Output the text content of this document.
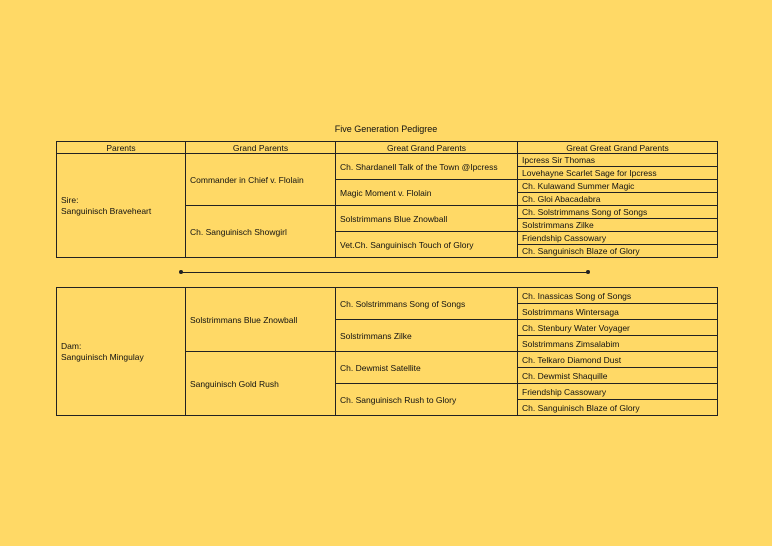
Five Generation Pedigree
Parents	Grand Parents	Great Grand Parents	Great Great Grand Parents

Sire:
Sanguinisch Braveheart	Commander in Chief v. Flolain	Ch. Shardanell Talk of the Town @Ipcress	Ipcress Sir Thomas
			Lovehayne Scarlet Sage for Ipcress
		Magic Moment v. Flolain	Ch. Kulawand Summer Magic
			Ch. Gloi Abacadabra
	Ch. Sanguinisch Showgirl	Solstrimmans Blue Znowball	Ch. Solstrimmans Song of Songs
			Solstrimmans Zilke
		Vet.Ch. Sanguinisch Touch of Glory	Friendship Cassowary
			Ch. Sanguinisch Blaze of Glory
Dam:
Sanguinisch Mingulay	Solstrimmans Blue Znowball	Ch. Solstrimmans Song of Songs	Ch. Inassicas Song of Songs
			Solstrimmans Wintersaga
		Solstrimmans Zilke	Ch. Stenbury Water Voyager
			Solstrimmans Zimsalabim
	Sanguinisch Gold Rush	Ch. Dewmist Satellite	Ch. Telkaro Diamond Dust
			Ch. Dewmist Shaquille
		Ch. Sanguinisch Rush to Glory	Friendship Cassowary
			Ch. Sanguinisch Blaze of Glory
